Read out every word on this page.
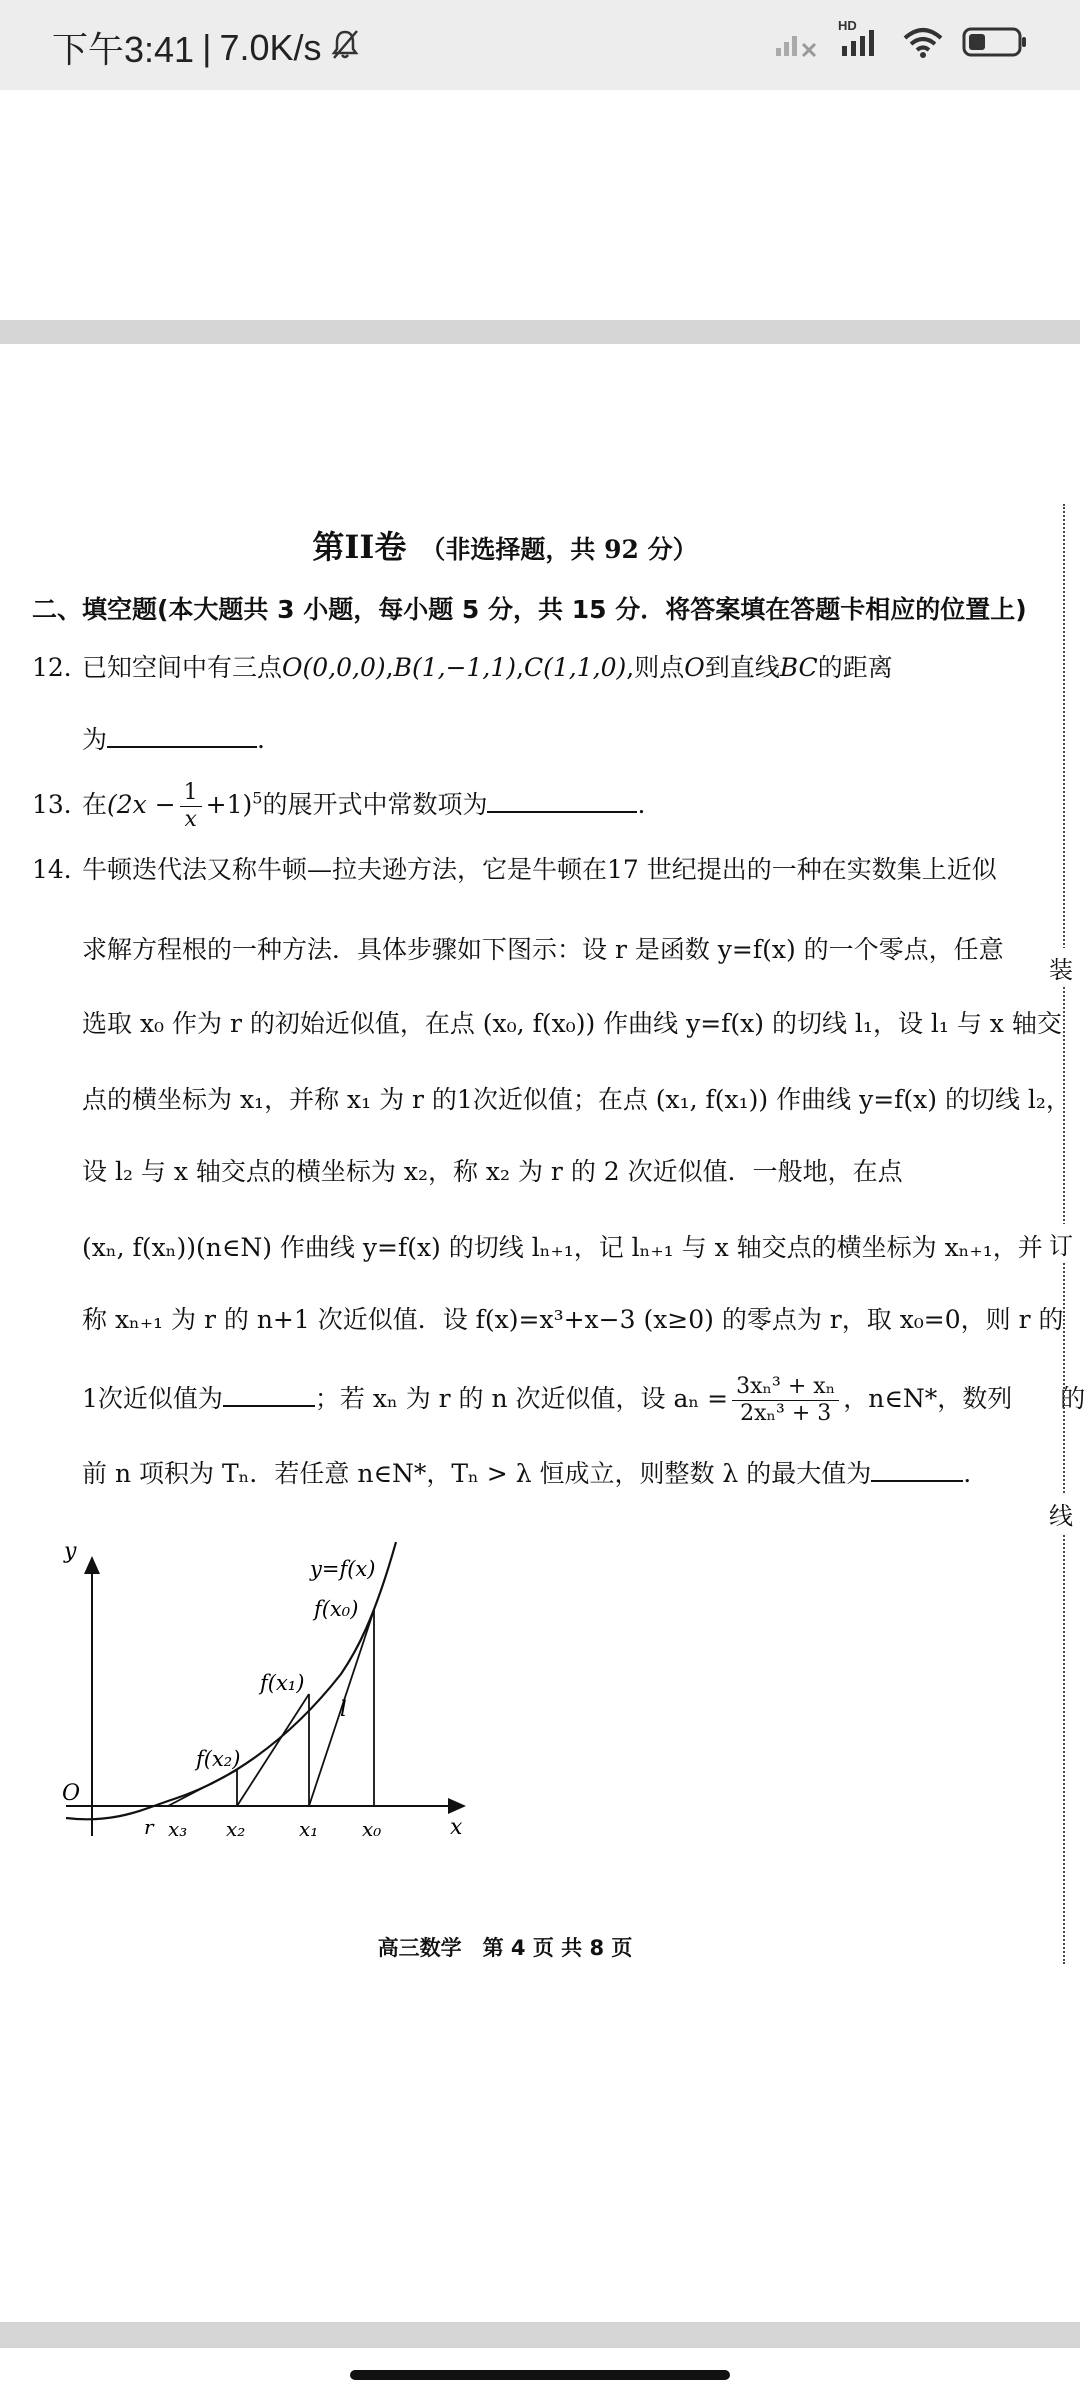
下午3:41 | 7.0K/s
HD
第II卷 （非选择题，共 92 分）
二、填空题(本大题共 3 小题，每小题 5 分，共 15 分．将答案填在答题卡相应的位置上)
12．已知空间中有三点O(0,0,0),B(1,−1,1),C(1,1,0),则点O到直线BC的距离
为	.
13．在$(2x - \frac{1}{x} +1)^5$的展开式中常数项为	.
14．牛顿迭代法又称牛顿—拉夫逊方法，它是牛顿在17 世纪提出的一种在实数集上近似
求解方程根的一种方法．具体步骤如下图示：设 r 是函数 y=f(x) 的一个零点，任意
选取 x₀ 作为 r 的初始近似值，在点 (x₀, f(x₀)) 作曲线 y=f(x) 的切线 l₁，设 l₁ 与 x 轴交
点的横坐标为 x₁，并称 x₁ 为 r 的1次近似值；在点 (x₁, f(x₁)) 作曲线 y=f(x) 的切线 l₂，
设 l₂ 与 x 轴交点的横坐标为 x₂，称 x₂ 为 r 的 2 次近似值．一般地，在点
(xₙ, f(xₙ))(n∈N) 作曲线 y=f(x) 的切线 lₙ₊₁，记 lₙ₊₁ 与 x 轴交点的横坐标为 xₙ₊₁，并
称 xₙ₊₁ 为 r 的 n+1 次近似值．设 f(x)=x³+x−3 (x≥0) 的零点为 r，取 x₀=0，则 r 的
1次近似值为	；若 xₙ 为 r 的 n 次近似值，设 $a_n = \frac{\text{3xₙ³ + xₙ}}{\text{2xₙ³ + 3}}$ ，n∈N*，数列 的
前 n 项积为 Tₙ．若任意 n∈N*，Tₙ > λ 恒成立，则整数 λ 的最大值为	.
y
x
O
y=f(x)
f(x₀)
f(x₁)
f(x₂)
l
r x₃ x₂	x₁ x₀
高三数学　第 4 页 共 8 页
装
订
线
